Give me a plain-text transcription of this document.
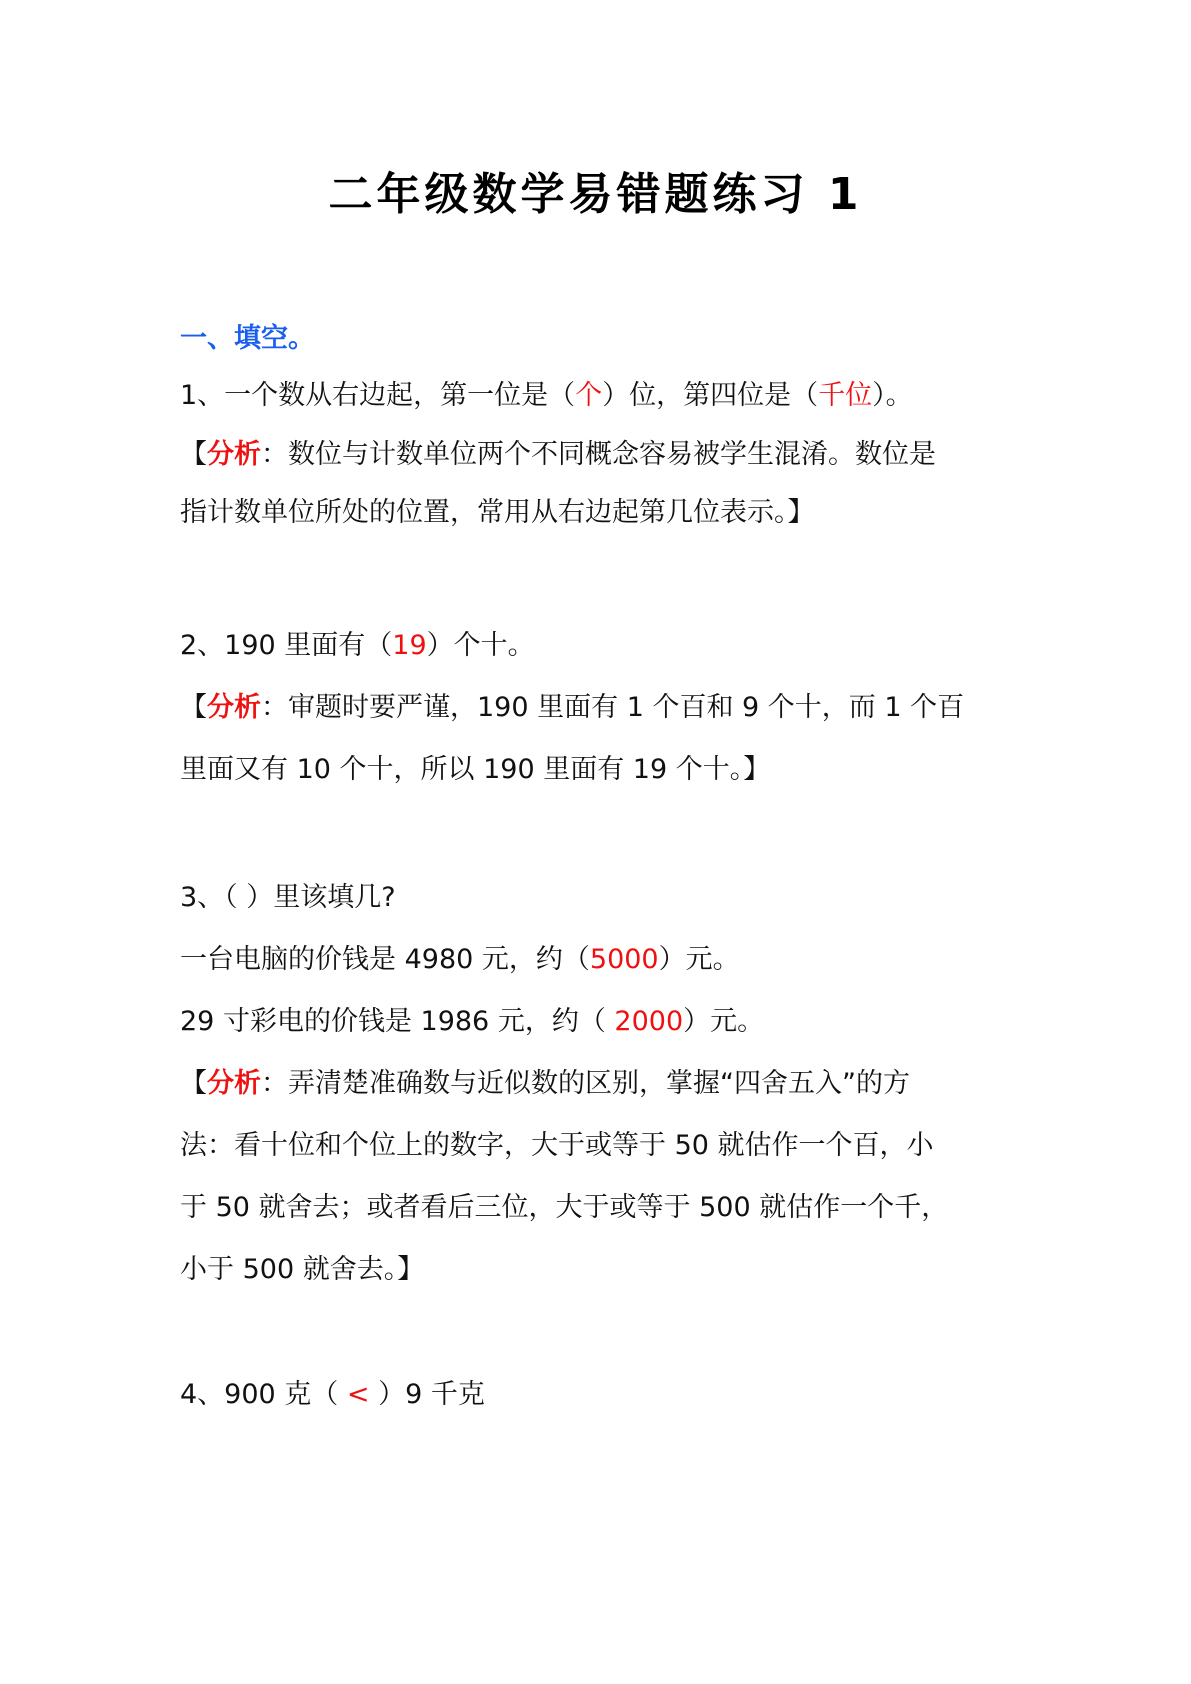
二年级数学易错题练习 1
一、填空。
1、一个数从右边起，第一位是（个）位，第四位是（千位）。
【分析：数位与计数单位两个不同概念容易被学生混淆。数位是
指计数单位所处的位置，常用从右边起第几位表示。】
2、190 里面有（19）个十。
【分析：审题时要严谨，190 里面有 1 个百和 9 个十，而 1 个百
里面又有 10 个十，所以 190 里面有 19 个十。】
3、（ ）里该填几?
一台电脑的价钱是 4980 元，约（5000）元。
29 寸彩电的价钱是 1986 元，约（ 2000）元。
【分析：弄清楚准确数与近似数的区别，掌握“四舍五入”的方
法：看十位和个位上的数字，大于或等于 50 就估作一个百，小
于 50 就舍去；或者看后三位，大于或等于 500 就估作一个千，
小于 500 就舍去。】
4、900 克（ < ）9 千克
